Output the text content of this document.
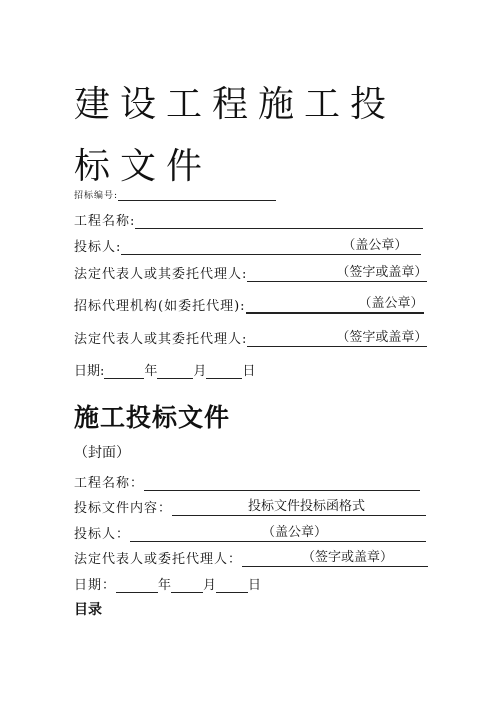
建设工程施工投标文件
招标编号:
工程名称:
投标人:	（盖公章）
法定代表人或其委托代理人:	（签字或盖章）
招标代理机构(如委托代理):	（盖公章）
法定代表人或其委托代理人:	（签字或盖章）
日期:	年	月	日
施工投标文件
（封面）
工程名称：
投标文件内容：	投标文件投标函格式
投标人：	（盖公章）
法定代表人或委托代理人：	（签字或盖章）
日期：	年 月 日
目录
